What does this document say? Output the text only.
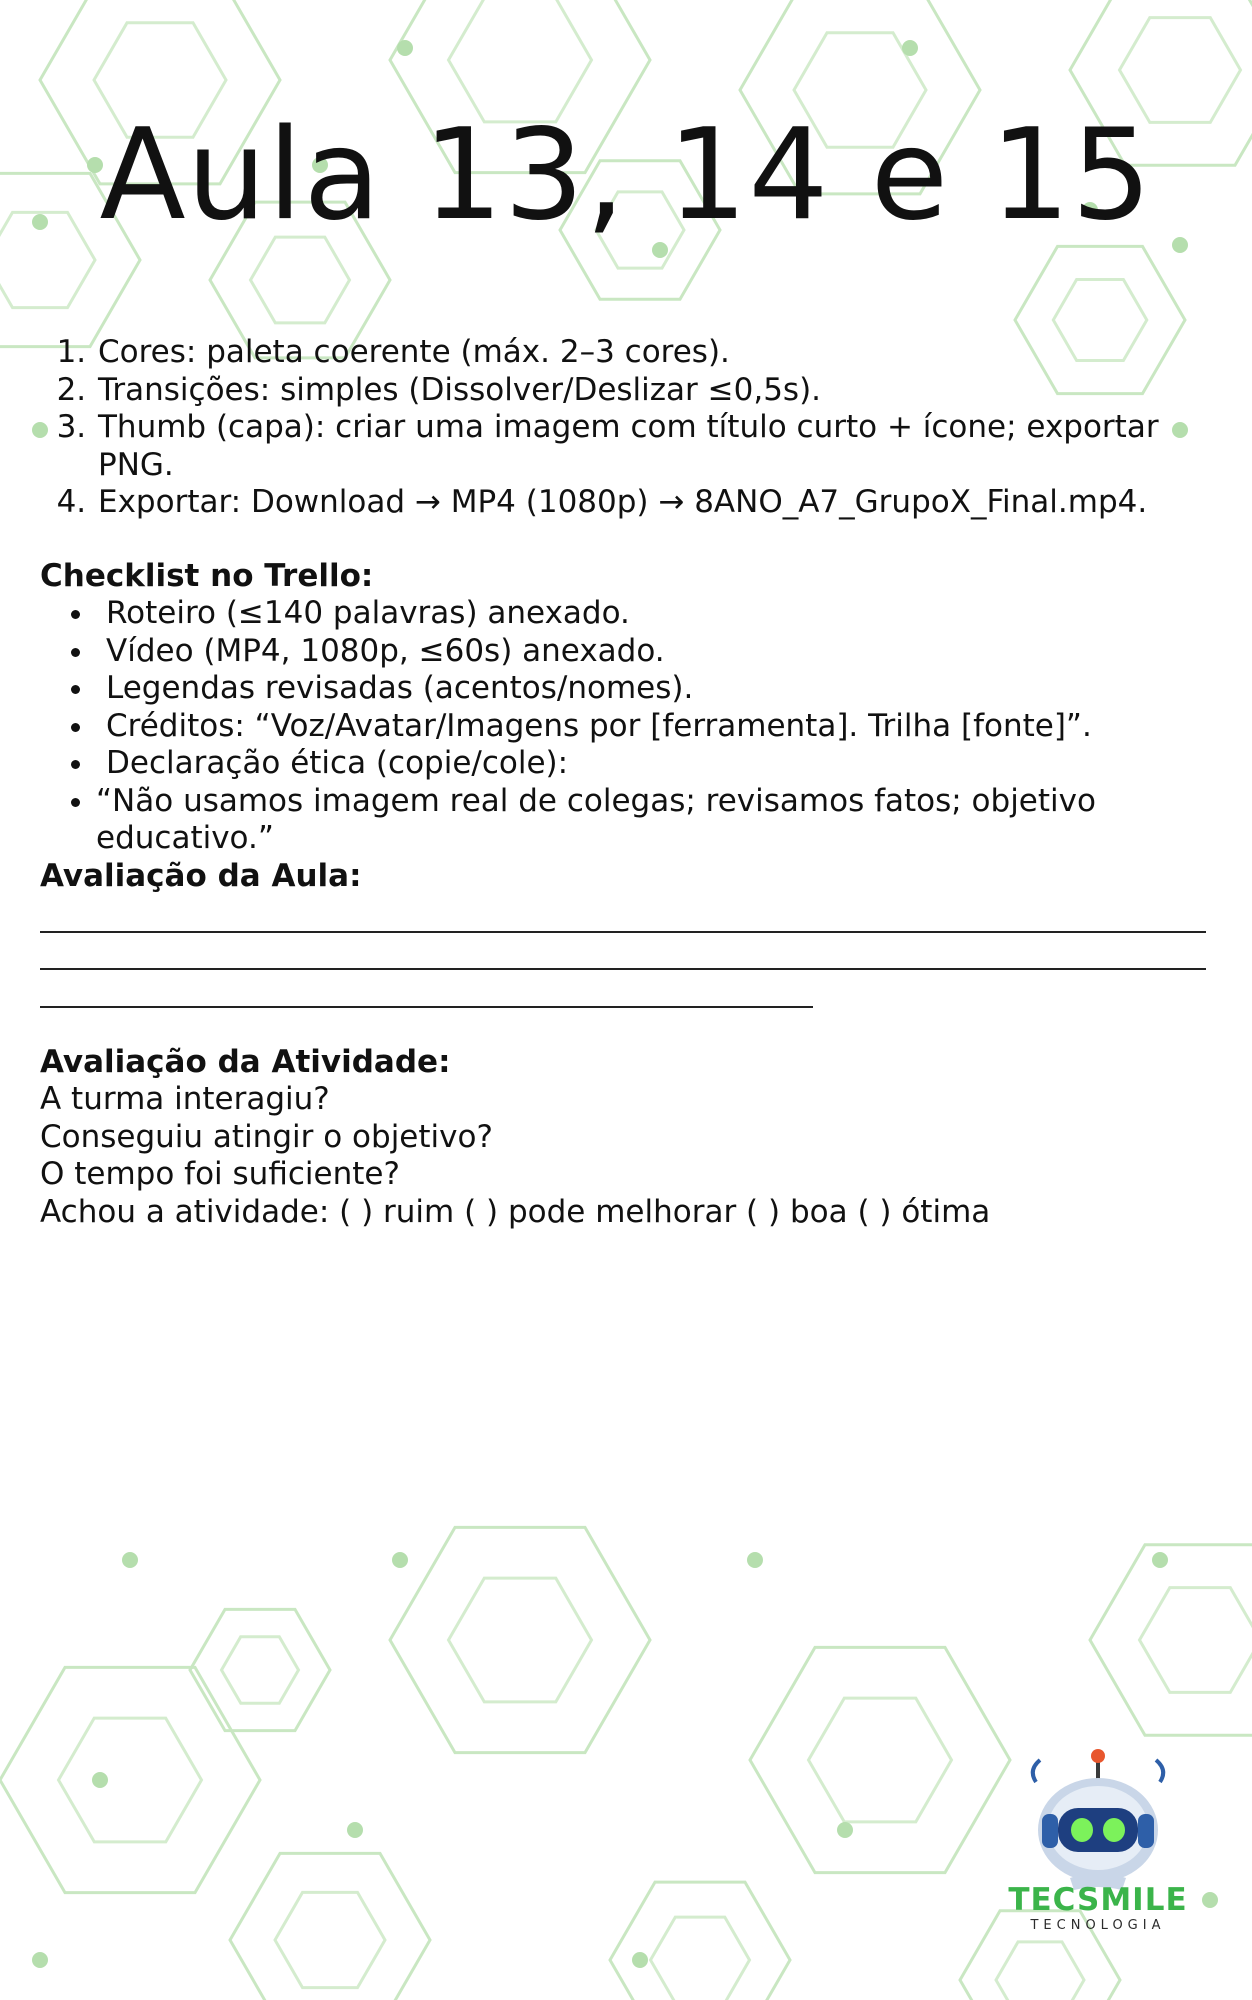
Aula 13, 14 e 15
1. Cores: paleta coerente (máx. 2–3 cores).
2. Transições: simples (Dissolver/Deslizar ≤0,5s).
3. Thumb (capa): criar uma imagem com título curto + ícone; exportar PNG.
4. Exportar: Download → MP4 (1080p) → 8ANO_A7_GrupoX_Final.mp4.

Checklist no Trello:

• Roteiro (≤140 palavras) anexado.
• Vídeo (MP4, 1080p, ≤60s) anexado.
• Legendas revisadas (acentos/nomes).
• Créditos: “Voz/Avatar/Imagens por [ferramenta]. Trilha [fonte]”.
• Declaração ética (copie/cole):
• “Não usamos imagem real de colegas; revisamos fatos; objetivo educativo.”

Avaliação da Aula:

Avaliação da Atividade:

A turma interagiu?

Conseguiu atingir o objetivo?

O tempo foi suficiente?

Achou a atividade: ( ) ruim ( ) pode melhorar ( ) boa ( ) ótima

TECSMILE
TECNOLOGIA
